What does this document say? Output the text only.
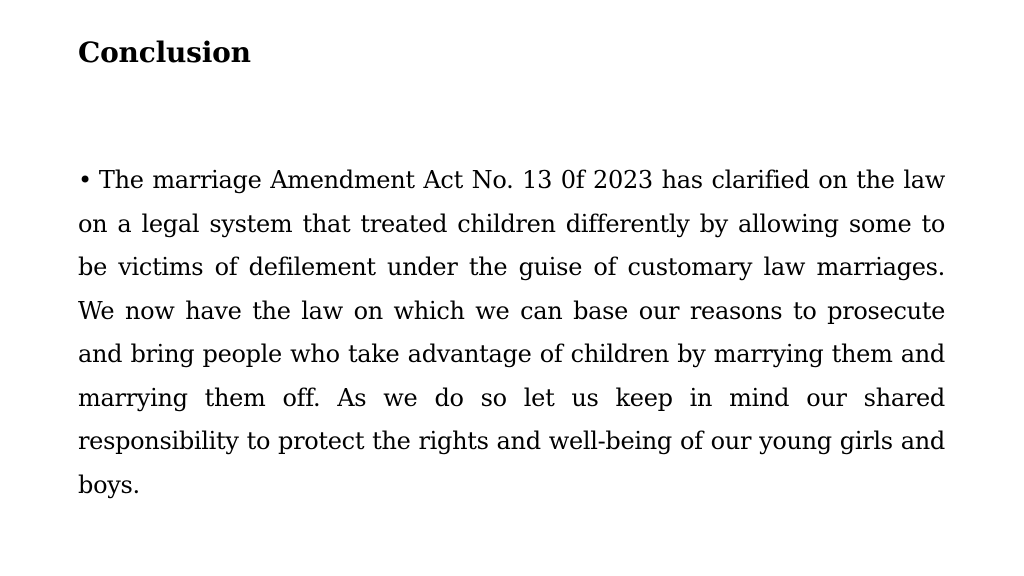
Conclusion

• The marriage Amendment Act No. 13 0f 2023 has clarified on the law on a legal system that treated children differently by allowing some to be victims of defilement under the guise of customary law marriages. We now have the law on which we can base our reasons to prosecute and bring people who take advantage of children by marrying them and marrying them off. As we do so let us keep in mind our shared responsibility to protect the rights and well-being of our young girls and boys.
